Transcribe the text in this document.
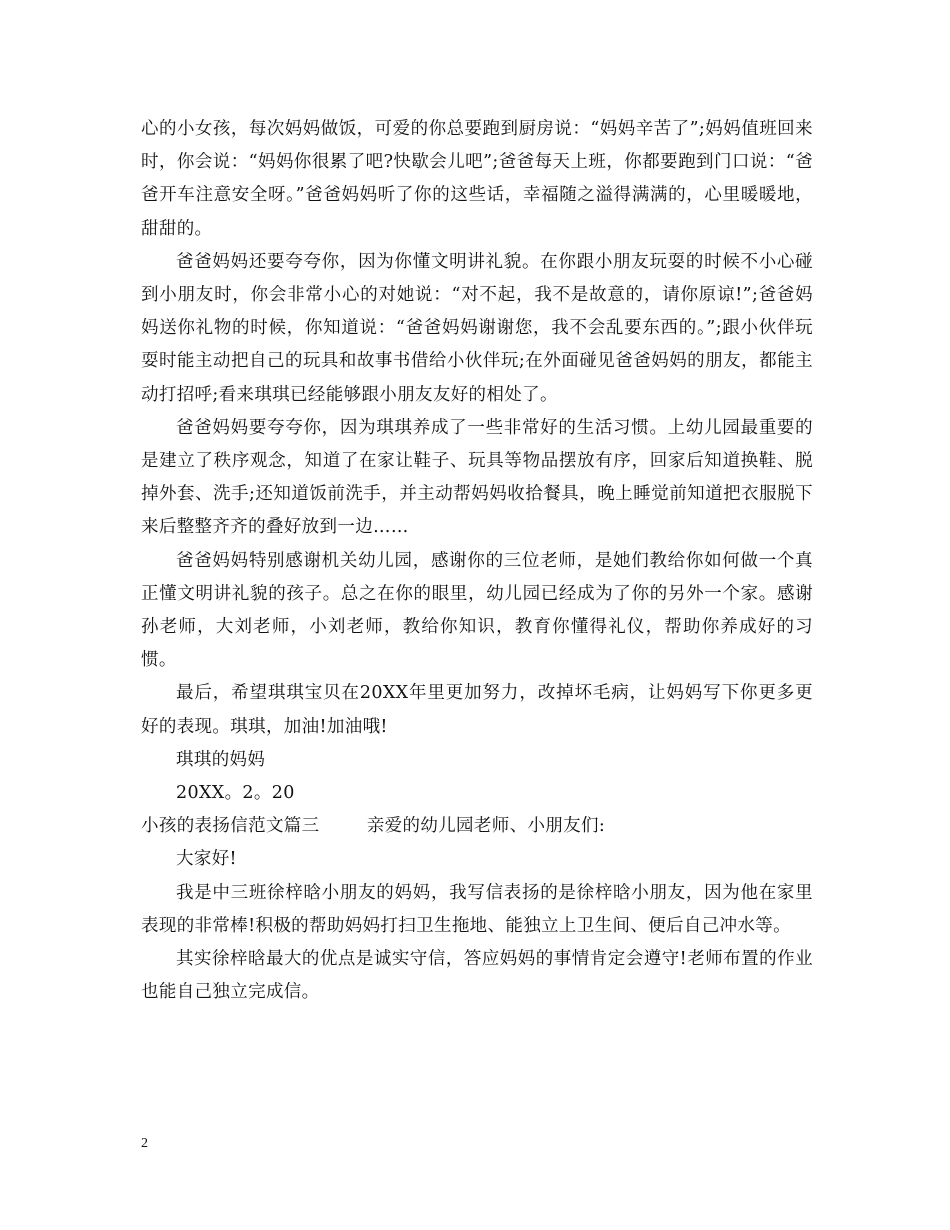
心的小女孩，每次妈妈做饭，可爱的你总要跑到厨房说：“妈妈辛苦了”;妈妈值班回来时，你会说：“妈妈你很累了吧?快歇会儿吧”;爸爸每天上班，你都要跑到门口说：“爸爸开车注意安全呀。”爸爸妈妈听了你的这些话，幸福随之溢得满满的，心里暖暖地，甜甜的。

爸爸妈妈还要夸夸你，因为你懂文明讲礼貌。在你跟小朋友玩耍的时候不小心碰到小朋友时，你会非常小心的对她说：“对不起，我不是故意的，请你原谅!”;爸爸妈妈送你礼物的时候，你知道说：“爸爸妈妈谢谢您，我不会乱要东西的。”;跟小伙伴玩耍时能主动把自己的玩具和故事书借给小伙伴玩;在外面碰见爸爸妈妈的朋友，都能主动打招呼;看来琪琪已经能够跟小朋友友好的相处了。

爸爸妈妈要夸夸你，因为琪琪养成了一些非常好的生活习惯。上幼儿园最重要的是建立了秩序观念，知道了在家让鞋子、玩具等物品摆放有序，回家后知道换鞋、脱掉外套、洗手;还知道饭前洗手，并主动帮妈妈收拾餐具，晚上睡觉前知道把衣服脱下来后整整齐齐的叠好放到一边……

爸爸妈妈特别感谢机关幼儿园，感谢你的三位老师，是她们教给你如何做一个真正懂文明讲礼貌的孩子。总之在你的眼里，幼儿园已经成为了你的另外一个家。感谢孙老师，大刘老师，小刘老师，教给你知识，教育你懂得礼仪，帮助你养成好的习惯。

最后，希望琪琪宝贝在20XX年里更加努力，改掉坏毛病，让妈妈写下你更多更好的表现。琪琪，加油!加油哦!

琪琪的妈妈

20XX。2。20

小孩的表扬信范文篇三	亲爱的幼儿园老师、小朋友们:

大家好!

我是中三班徐梓晗小朋友的妈妈，我写信表扬的是徐梓晗小朋友，因为他在家里表现的非常棒!积极的帮助妈妈打扫卫生拖地、能独立上卫生间、便后自己冲水等。

其实徐梓晗最大的优点是诚实守信，答应妈妈的事情肯定会遵守!老师布置的作业也能自己独立完成信。

2
